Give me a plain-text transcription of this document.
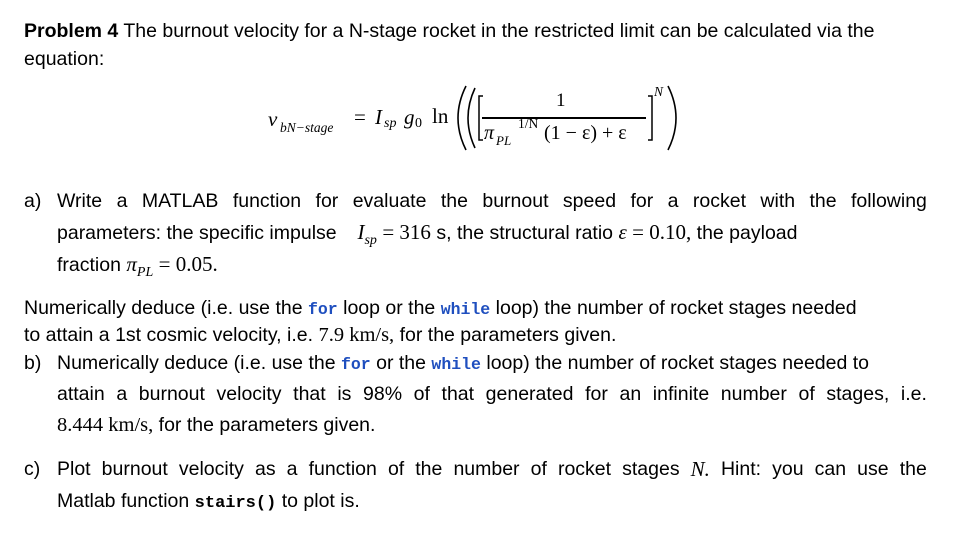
Problem 4 The burnout velocity for a N-stage rocket in the restricted limit can be calculated via the
equation:
v bN−stage = I sp g 0 ln
1
π PL
1/N (1 − ε) + ε
N
a) Write a MATLAB function for evaluate the burnout speed for a rocket with the following
parameters: the specific impulse $I_{sp} = 316$ s, the structural ratio ε = 0.10, the payload
fraction $\pi_{PL} = 0.05$.
Numerically deduce (i.e. use the for loop or the while loop) the number of rocket stages needed
to attain a 1st cosmic velocity, i.e. 7.9 km/s, for the parameters given.
b) Numerically deduce (i.e. use the for or the while loop) the number of rocket stages needed to
attain a burnout velocity that is 98% of that generated for an infinite number of stages, i.e.
8.444 km/s, for the parameters given.
c) Plot burnout velocity as a function of the number of rocket stages N. Hint: you can use the
Matlab function stairs() to plot is.
